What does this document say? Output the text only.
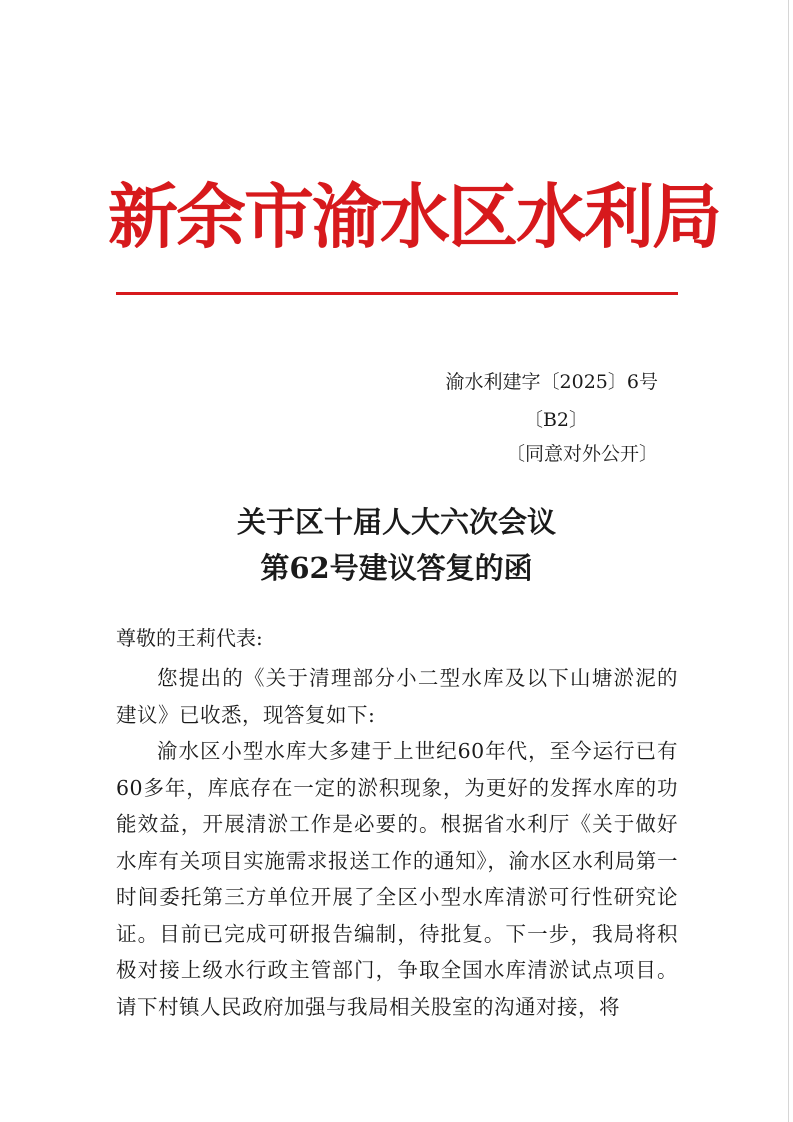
新余市渝水区水利局
渝水利建字〔2025〕6号
〔B2〕
〔同意对外公开〕
关于区十届人大六次会议
第62号建议答复的函
尊敬的王莉代表:
您提出的《关于清理部分小二型水库及以下山塘淤泥的建议》已收悉，现答复如下:
渝水区小型水库大多建于上世纪60年代，至今运行已有60多年，库底存在一定的淤积现象，为更好的发挥水库的功能效益，开展清淤工作是必要的。根据省水利厅《关于做好水库有关项目实施需求报送工作的通知》，渝水区水利局第一时间委托第三方单位开展了全区小型水库清淤可行性研究论证。目前已完成可研报告编制，待批复。下一步，我局将积极对接上级水行政主管部门，争取全国水库清淤试点项目。请下村镇人民政府加强与我局相关股室的沟通对接，将
